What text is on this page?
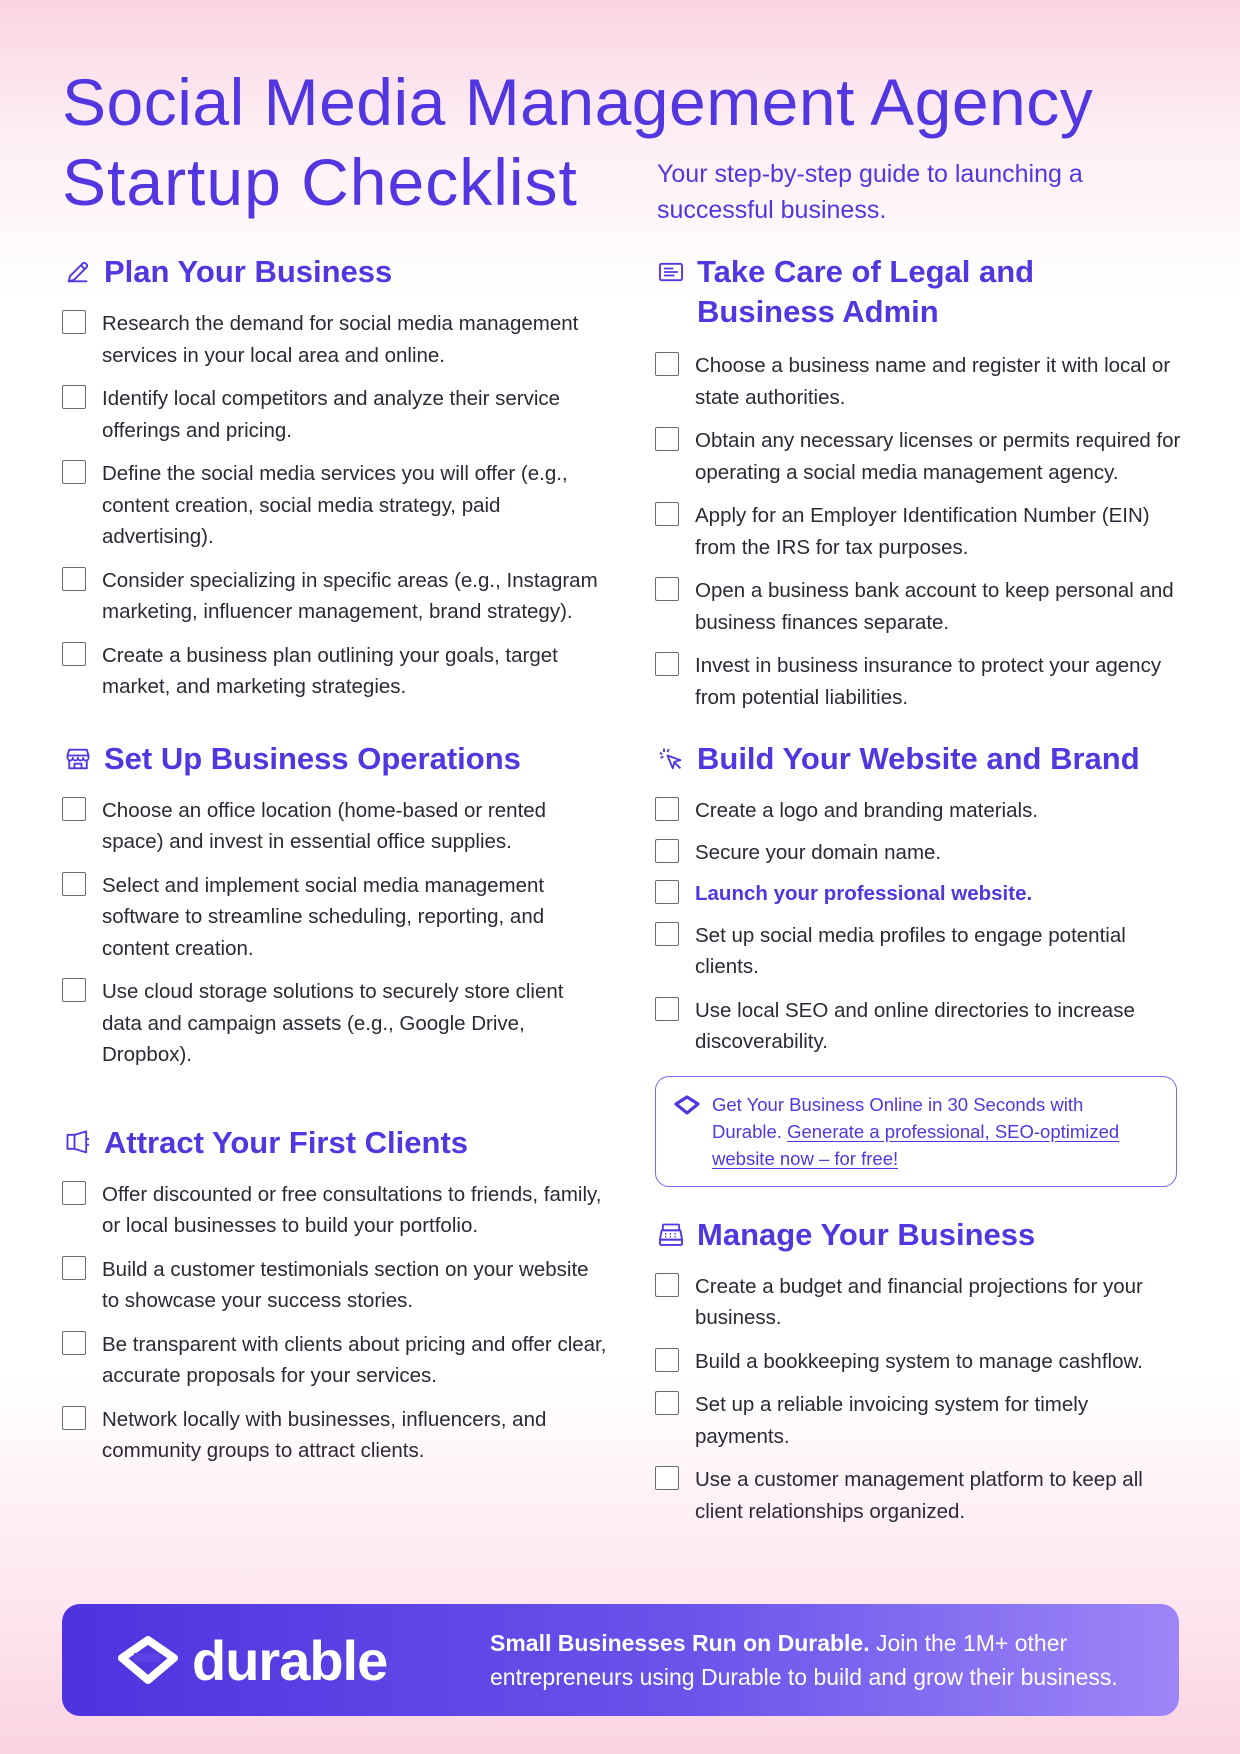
Social Media Management Agency
Startup Checklist	Your step-by-step guide to launching a successful business.
Plan Your Business
Research the demand for social media management services in your local area and online.
Identify local competitors and analyze their service offerings and pricing.
Define the social media services you will offer (e.g., content creation, social media strategy, paid advertising).
Consider specializing in specific areas (e.g., Instagram marketing, influencer management, brand strategy).
Create a business plan outlining your goals, target market, and marketing strategies.
Set Up Business Operations
Choose an office location (home-based or rented space) and invest in essential office supplies.
Select and implement social media management software to streamline scheduling, reporting, and content creation.
Use cloud storage solutions to securely store client data and campaign assets (e.g., Google Drive, Dropbox).
Attract Your First Clients
Offer discounted or free consultations to friends, family, or local businesses to build your portfolio.
Build a customer testimonials section on your website to showcase your success stories.
Be transparent with clients about pricing and offer clear, accurate proposals for your services.
Network locally with businesses, influencers, and community groups to attract clients.
Take Care of Legal and Business Admin
Choose a business name and register it with local or state authorities.
Obtain any necessary licenses or permits required for operating a social media management agency.
Apply for an Employer Identification Number (EIN) from the IRS for tax purposes.
Open a business bank account to keep personal and business finances separate.
Invest in business insurance to protect your agency from potential liabilities.
Build Your Website and Brand
Create a logo and branding materials.
Secure your domain name.
Launch your professional website.
Set up social media profiles to engage potential clients.
Use local SEO and online directories to increase discoverability.
Get Your Business Online in 30 Seconds with Durable. Generate a professional, SEO-optimized website now – for free!
Manage Your Business
Create a budget and financial projections for your business.
Build a bookkeeping system to manage cashflow.
Set up a reliable invoicing system for timely payments.
Use a customer management platform to keep all client relationships organized.
durable	Small Businesses Run on Durable. Join the 1M+ other entrepreneurs using Durable to build and grow their business.
